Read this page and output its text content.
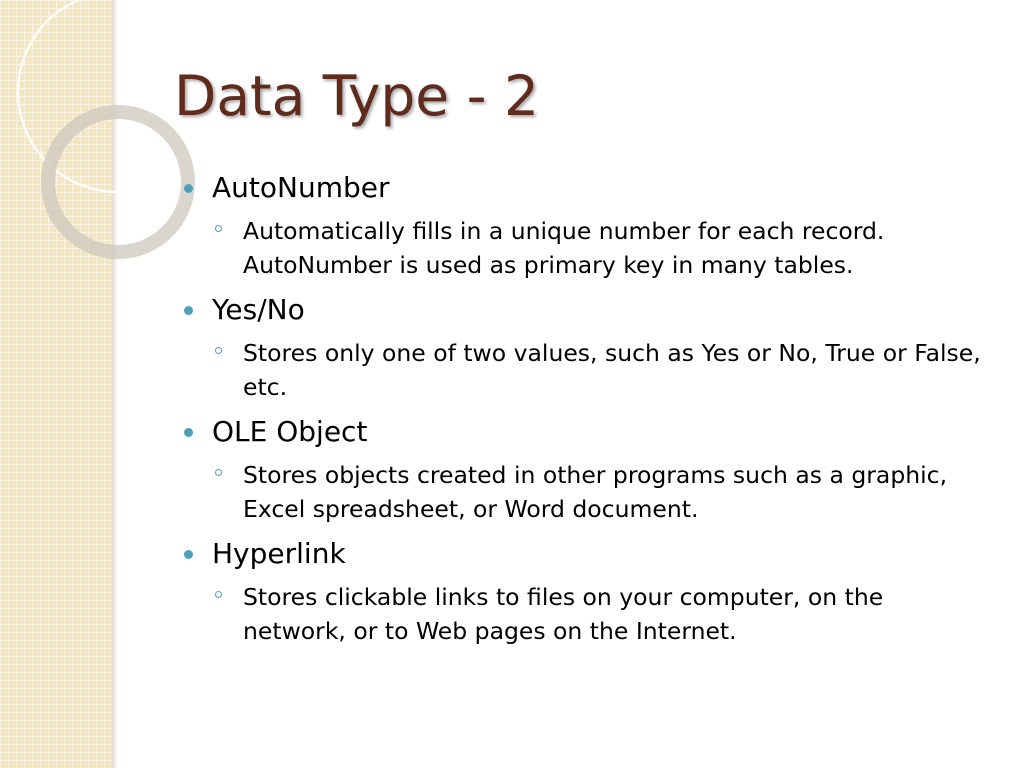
Data Type - 2
AutoNumber
Automatically fills in a unique number for each record. AutoNumber is used as primary key in many tables.
Yes/No
Stores only one of two values, such as Yes or No, True or False, etc.
OLE Object
Stores objects created in other programs such as a graphic, Excel spreadsheet, or Word document.
Hyperlink
Stores clickable links to files on your computer, on the network, or to Web pages on the Internet.
